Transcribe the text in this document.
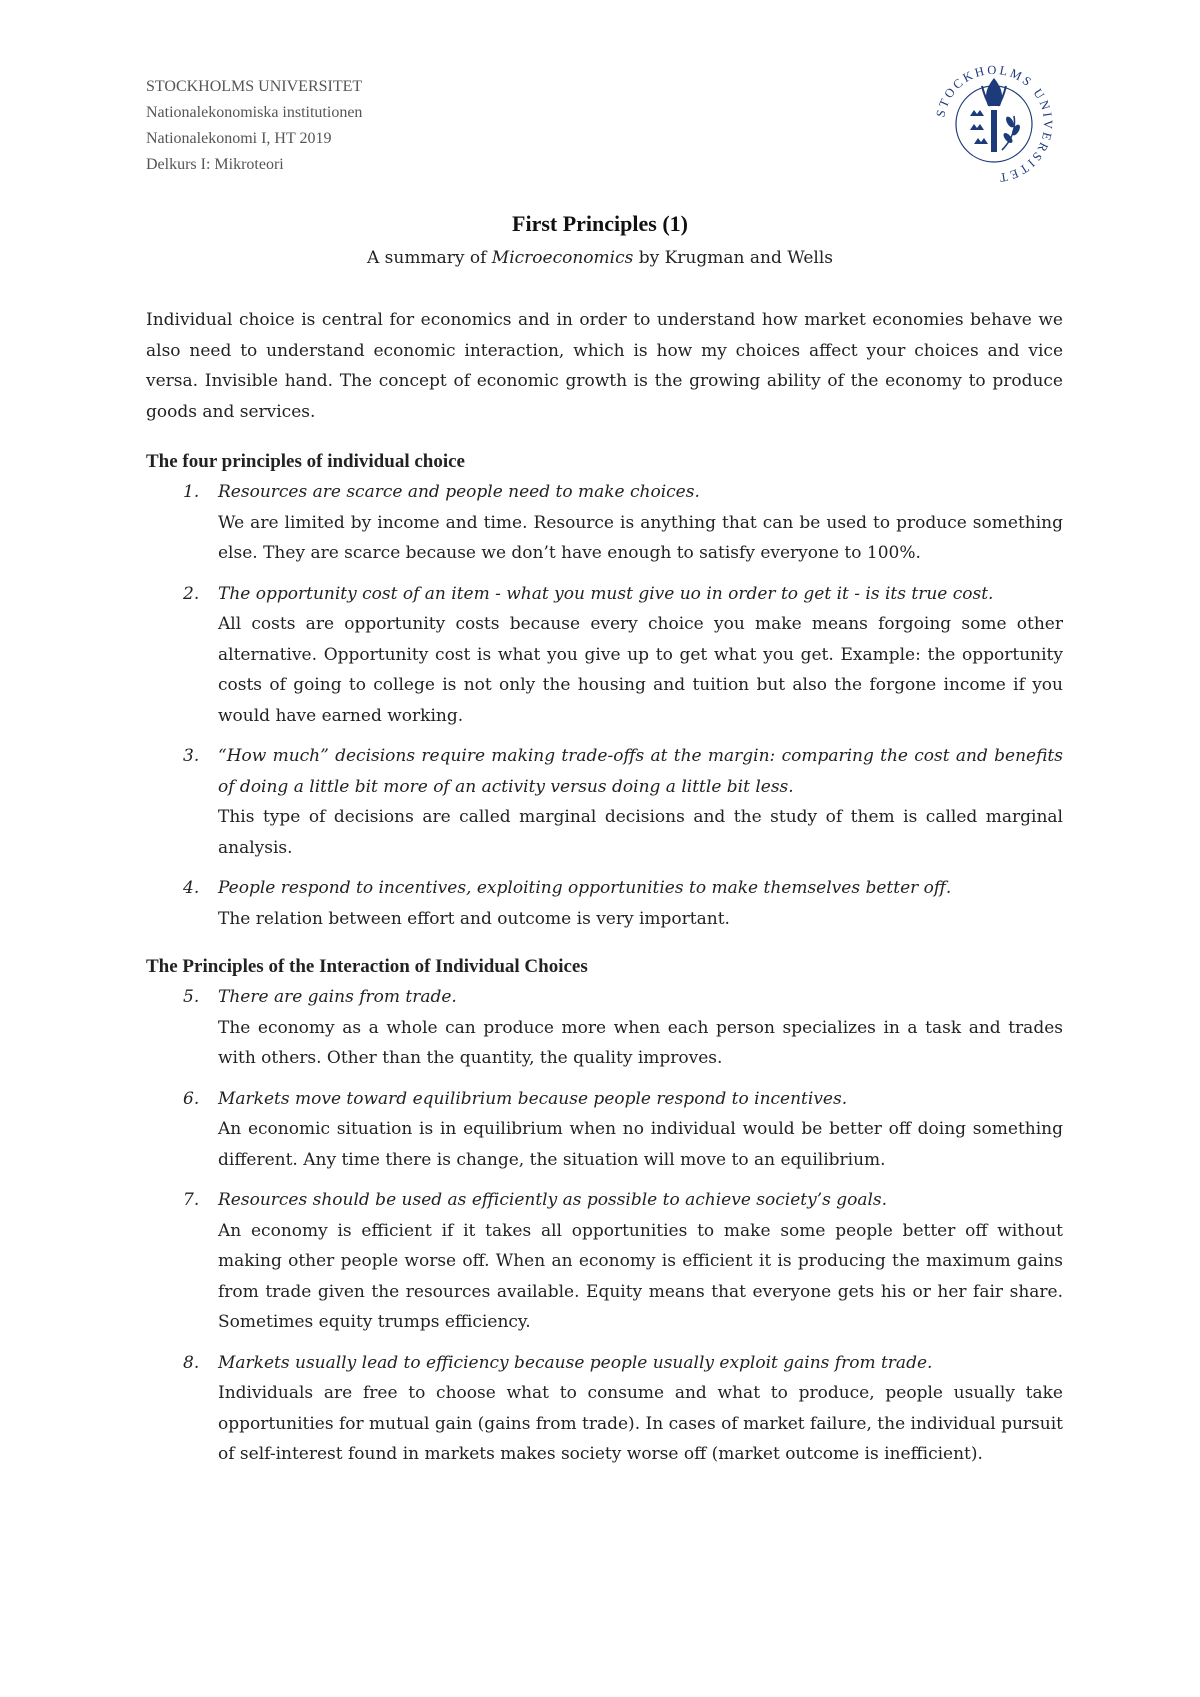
STOCKHOLMS UNIVERSITET
Nationalekonomiska institutionen
Nationalekonomi I, HT 2019
Delkurs I: Mikroteori
STOCKHOLMS UNIVERSITET
First Principles (1)
A summary of Microeconomics by Krugman and Wells

Individual choice is central for economics and in order to understand how market economies behave we also need to understand economic interaction, which is how my choices affect your choices and vice versa. Invisible hand. The concept of economic growth is the growing ability of the economy to produce goods and services.

The four principles of individual choice
1. Resources are scarce and people need to make choices.
We are limited by income and time. Resource is anything that can be used to produce something else. They are scarce because we don’t have enough to satisfy everyone to 100%.
2. The opportunity cost of an item - what you must give uo in order to get it - is its true cost.
All costs are opportunity costs because every choice you make means forgoing some other alternative. Opportunity cost is what you give up to get what you get. Example: the opportunity costs of going to college is not only the housing and tuition but also the forgone income if you would have earned working.
3. “How much” decisions require making trade-offs at the margin: comparing the cost and benefits of doing a little bit more of an activity versus doing a little bit less.
This type of decisions are called marginal decisions and the study of them is called marginal analysis.
4. People respond to incentives, exploiting opportunities to make themselves better off.
The relation between effort and outcome is very important.
The Principles of the Interaction of Individual Choices
5. There are gains from trade.
The economy as a whole can produce more when each person specializes in a task and trades with others. Other than the quantity, the quality improves.
6. Markets move toward equilibrium because people respond to incentives.
An economic situation is in equilibrium when no individual would be better off doing something different. Any time there is change, the situation will move to an equilibrium.
7. Resources should be used as efficiently as possible to achieve society’s goals.
An economy is efficient if it takes all opportunities to make some people better off without making other people worse off. When an economy is efficient it is producing the maximum gains from trade given the resources available. Equity means that everyone gets his or her fair share. Sometimes equity trumps efficiency.
8. Markets usually lead to efficiency because people usually exploit gains from trade.
Individuals are free to choose what to consume and what to produce, people usually take opportunities for mutual gain (gains from trade). In cases of market failure, the individual pursuit of self-interest found in markets makes society worse off (market outcome is inefficient).
